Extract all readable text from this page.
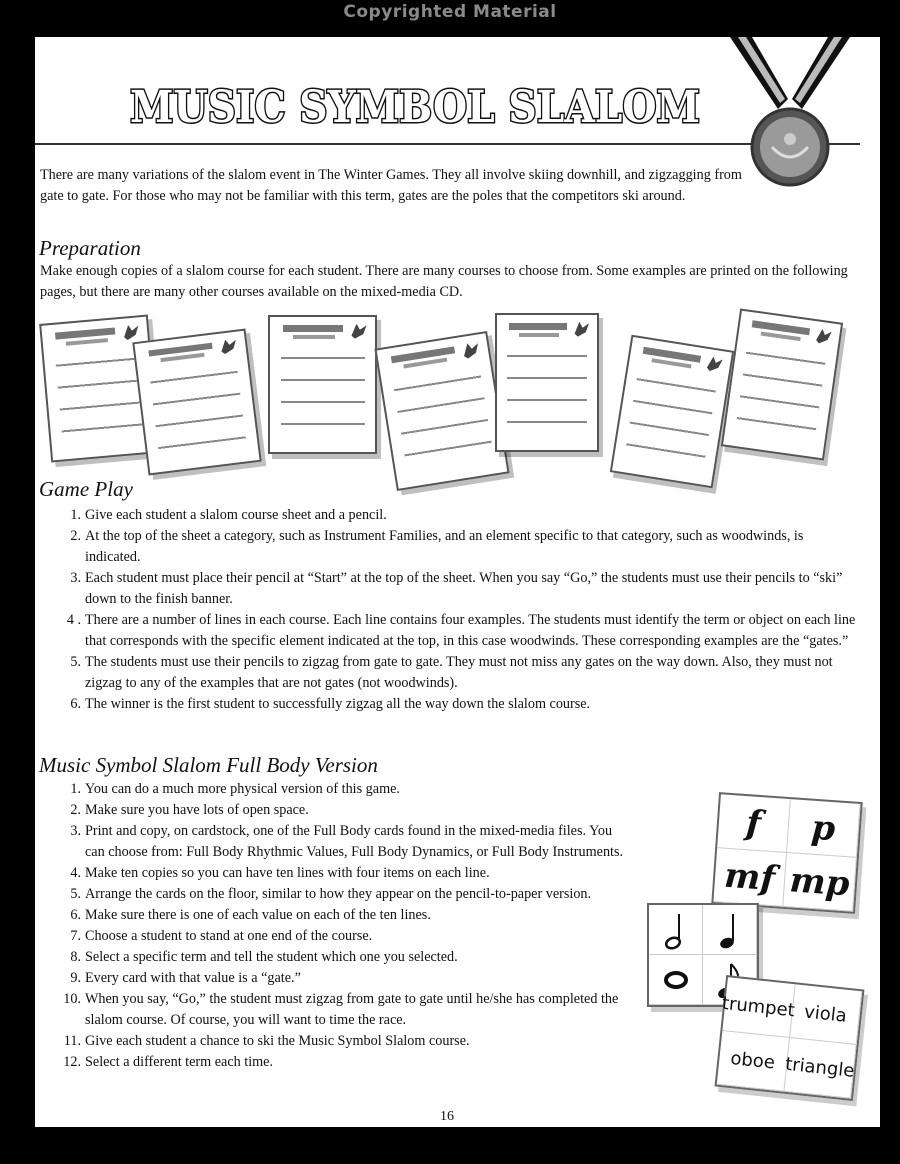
Copyrighted Material
MUSIC SYMBOL SLALOM
There are many variations of the slalom event in The Winter Games. They all involve skiing downhill, and zigzagging from gate to gate. For those who may not be familiar with this term, gates are the poles that the competitors ski around.
Preparation
Make enough copies of a slalom course for each student. There are many courses to choose from. Some examples are printed on the following pages, but there are many other courses available on the mixed-media CD.
Game Play
1. Give each student a slalom course sheet and a pencil.
2. At the top of the sheet a category, such as Instrument Families, and an element specific to that category, such as woodwinds, is indicated.
3. Each student must place their pencil at “Start” at the top of the sheet. When you say “Go,” the students must use their pencils to “ski” down to the finish banner.
4 . There are a number of lines in each course. Each line contains four examples. The students must identify the term or object on each line that corresponds with the specific element indicated at the top, in this case woodwinds. These corresponding examples are the “gates.”
5. The students must use their pencils to zigzag from gate to gate. They must not miss any gates on the way down. Also, they must not zigzag to any of the examples that are not gates (not woodwinds).
6. The winner is the first student to successfully zigzag all the way down the slalom course.
Music Symbol Slalom Full Body Version
1. You can do a much more physical version of this game.
2. Make sure you have lots of open space.
3. Print and copy, on cardstock, one of the Full Body cards found in the mixed-media files. You can choose from: Full Body Rhythmic Values, Full Body Dynamics, or Full Body Instruments.
4. Make ten copies so you can have ten lines with four items on each line.
5. Arrange the cards on the floor, similar to how they appear on the pencil-to-paper version.
6. Make sure there is one of each value on each of the ten lines.
7. Choose a student to stand at one end of the course.
8. Select a specific term and tell the student which one you selected.
9. Every card with that value is a “gate.”
10. When you say, “Go,” the student must zigzag from gate to gate until he/she has completed the slalom course. Of course, you will want to time the race.
11. Give each student a chance to ski the Music Symbol Slalom course.
12. Select a different term each time.
f	p
mf mp
trumpet viola
oboe triangle
16
